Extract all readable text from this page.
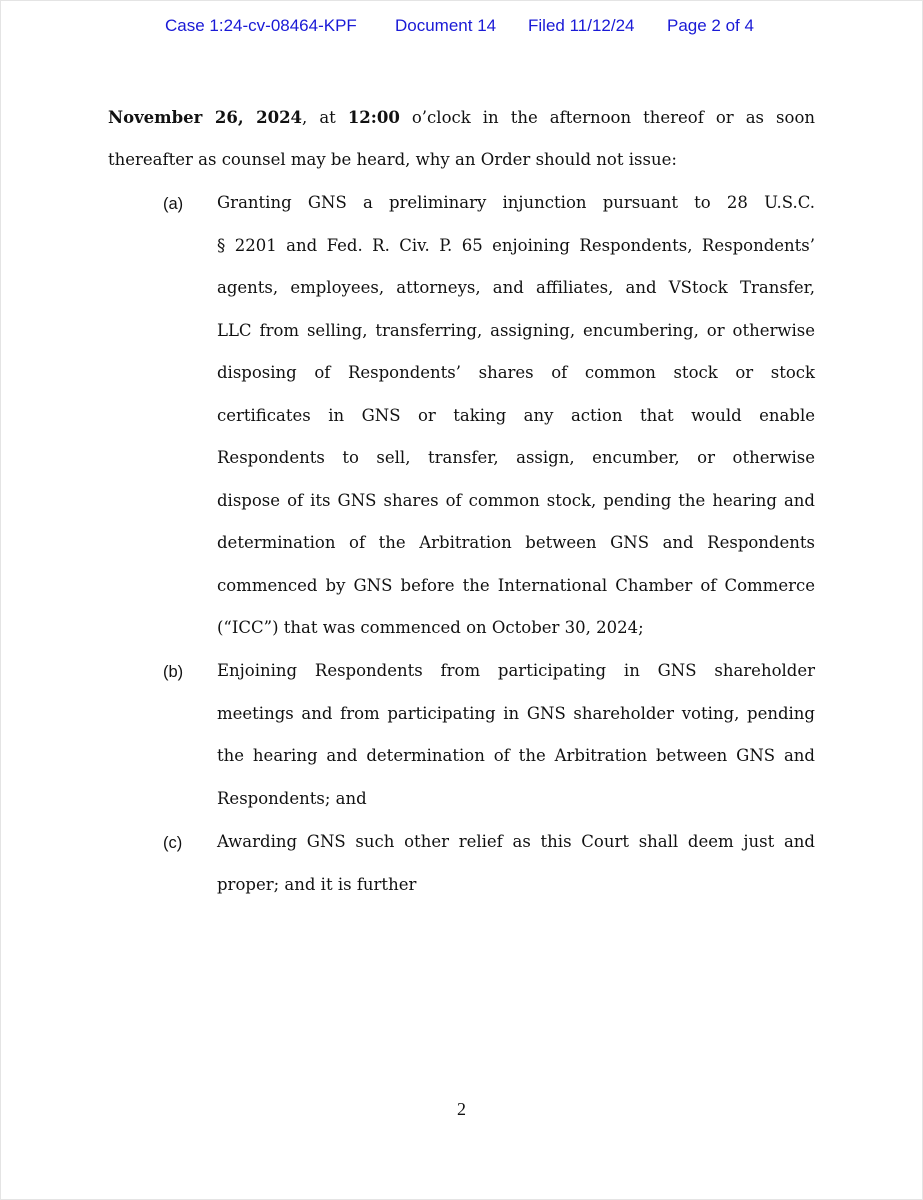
Case 1:24-cv-08464-KPF Document 14 Filed 11/12/24 Page 2 of 4
November 26, 2024, at 12:00 o’clock in the afternoon thereof or as soon
thereafter as counsel may be heard, why an Order should not issue:
(a) Granting GNS a preliminary injunction pursuant to 28 U.S.C.
§ 2201 and Fed. R. Civ. P. 65 enjoining Respondents, Respondents’
agents, employees, attorneys, and affiliates, and VStock Transfer,
LLC from selling, transferring, assigning, encumbering, or otherwise
disposing of Respondents’ shares of common stock or stock
certificates in GNS or taking any action that would enable
Respondents to sell, transfer, assign, encumber, or otherwise
dispose of its GNS shares of common stock, pending the hearing and
determination of the Arbitration between GNS and Respondents
commenced by GNS before the International Chamber of Commerce
(“ICC”) that was commenced on October 30, 2024;
(b) Enjoining Respondents from participating in GNS shareholder
meetings and from participating in GNS shareholder voting, pending
the hearing and determination of the Arbitration between GNS and
Respondents; and
(c) Awarding GNS such other relief as this Court shall deem just and
proper; and it is further
2
